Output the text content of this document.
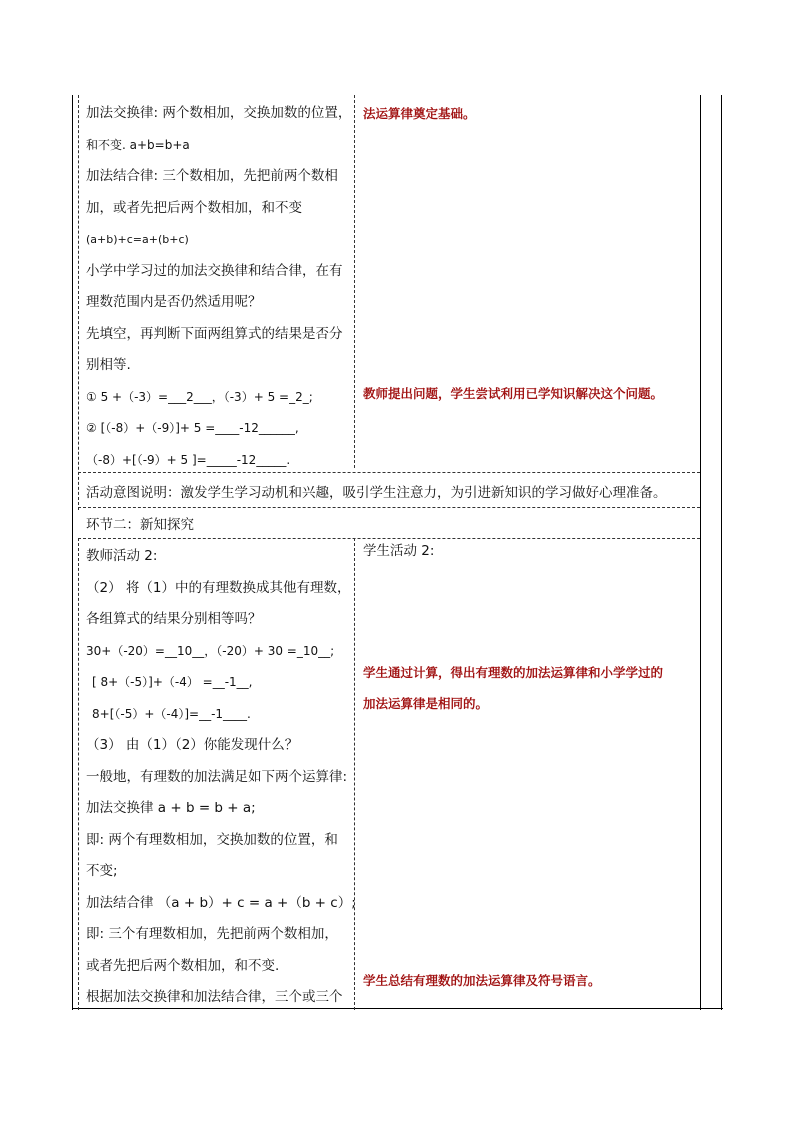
加法交换律: 两个数相加，交换加数的位置，

和不变. a+b=b+a

加法结合律: 三个数相加，先把前两个数相

加，或者先把后两个数相加，和不变

(a+b)+c=a+(b+c)

小学中学习过的加法交换律和结合律，在有

理数范围内是否仍然适用呢？

先填空，再判断下面两组算式的结果是否分

别相等.

① 5 +（-3）=___2___，（-3）+ 5 =_2_;

② [（-8）+（-9）]+ 5 =____-12______,

（-8）+[（-9）+ 5 ]=_____-12_____.

法运算律奠定基础。
教师提出问题，学生尝试利用已学知识解决这个问题。
活动意图说明：激发学生学习动机和兴趣，吸引学生注意力，为引进新知识的学习做好心理准备。
环节二：新知探究

教师活动 2:

（2） 将（1）中的有理数换成其他有理数，

各组算式的结果分别相等吗？

30+（-20）=__10__，（-20）+ 30 =_10__;

[ 8+（-5）]+（-4） =__-1__,

8+[（-5）+（-4）]=__-1____.

（3） 由（1）（2）你能发现什么？

一般地，有理数的加法满足如下两个运算律:

加法交换律 a + b = b + a;

即: 两个有理数相加，交换加数的位置，和

不变;

加法结合律 （a + b）+ c = a +（b + c）;

即: 三个有理数相加，先把前两个数相加，

或者先把后两个数相加，和不变.

根据加法交换律和加法结合律，三个或三个

学生活动 2:
学生通过计算，得出有理数的加法运算律和小学学过的
加法运算律是相同的。
学生总结有理数的加法运算律及符号语言。
